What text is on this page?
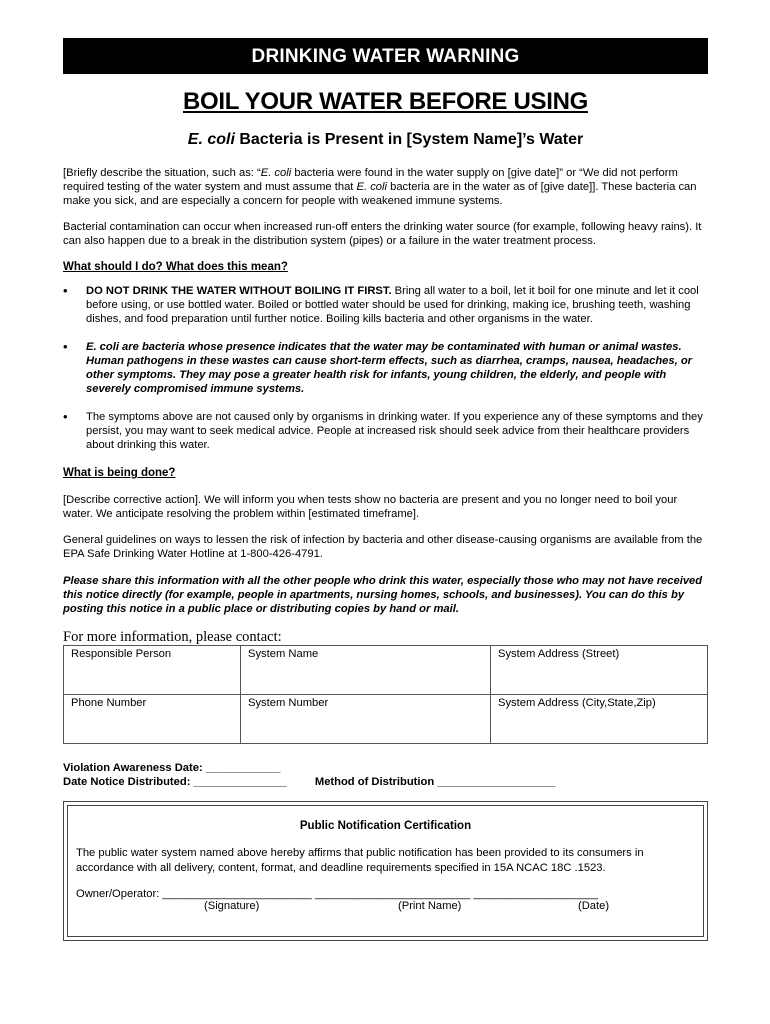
DRINKING WATER WARNING
BOIL YOUR WATER BEFORE USING
E. coli Bacteria is Present in [System Name]’s Water

[Briefly describe the situation, such as: “E. coli bacteria were found in the water supply on [give date]” or “We did not perform required testing of the water system and must assume that E. coli bacteria are in the water as of [give date]]. These bacteria can make you sick, and are especially a concern for people with weakened immune systems.

Bacterial contamination can occur when increased run-off enters the drinking water source (for example, following heavy rains). It can also happen due to a break in the distribution system (pipes) or a failure in the water treatment process.

What should I do? What does this mean?
• DO NOT DRINK THE WATER WITHOUT BOILING IT FIRST. Bring all water to a boil, let it boil for one minute and let it cool before using, or use bottled water. Boiled or bottled water should be used for drinking, making ice, brushing teeth, washing dishes, and food preparation until further notice. Boiling kills bacteria and other organisms in the water.
• E. coli are bacteria whose presence indicates that the water may be contaminated with human or animal wastes. Human pathogens in these wastes can cause short-term effects, such as diarrhea, cramps, nausea, headaches, or other symptoms. They may pose a greater health risk for infants, young children, the elderly, and people with severely compromised immune systems.
• The symptoms above are not caused only by organisms in drinking water. If you experience any of these symptoms and they persist, you may want to seek medical advice. People at increased risk should seek advice from their healthcare providers about drinking this water.
What is being done?

[Describe corrective action]. We will inform you when tests show no bacteria are present and you no longer need to boil your water. We anticipate resolving the problem within [estimated timeframe].

General guidelines on ways to lessen the risk of infection by bacteria and other disease-causing organisms are available from the EPA Safe Drinking Water Hotline at 1-800-426-4791.

Please share this information with all the other people who drink this water, especially those who may not have received this notice directly (for example, people in apartments, nursing homes, schools, and businesses). You can do this by posting this notice in a public place or distributing copies by hand or mail.

For more information, please contact:
Responsible Person	System Name	System Address (Street)
Phone Number	System Number	System Address (City,State,Zip)
Violation Awareness Date: ____________
Date Notice Distributed: _______________	Method of Distribution ___________________
Public Notification Certification
The public water system named above hereby affirms that public notification has been provided to its consumers in accordance with all delivery, content, format, and deadline requirements specified in 15A NCAC 18C .1523.
Owner/Operator: ________________________ _________________________ ____________________
(Signature)	(Print Name)	(Date)
